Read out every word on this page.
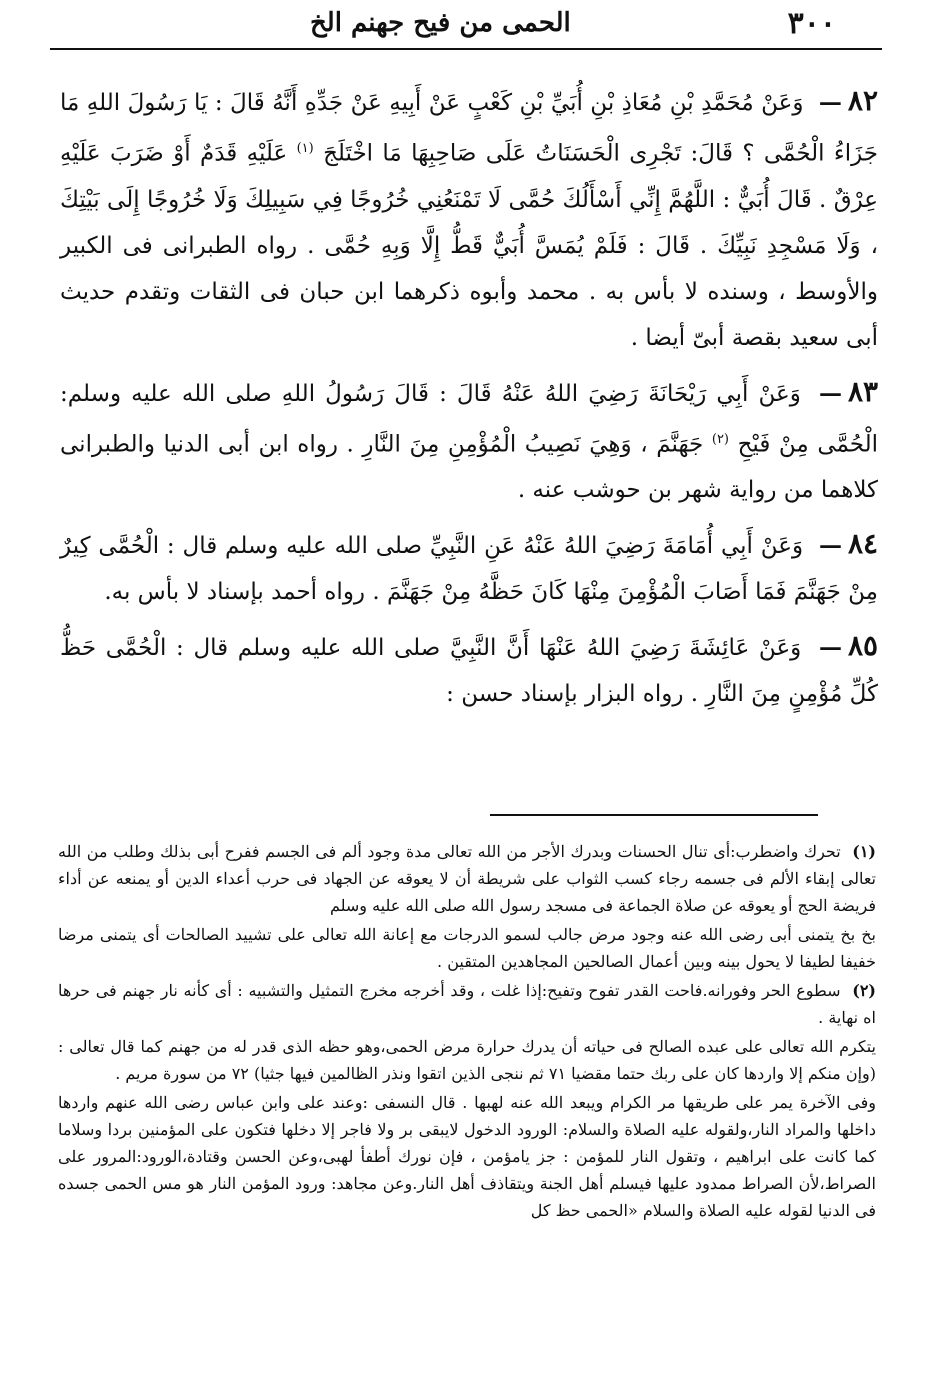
٣٠٠
الحمى من فيح جهنم الخ

٨٢— وَعَنْ مُحَمَّدِ بْنِ مُعَاذِ بْنِ أُبَيِّ بْنِ كَعْبٍ عَنْ أَبِيهِ عَنْ جَدِّهِ أَنَّهُ قَالَ : يَا رَسُولَ اللهِ مَا جَزَاءُ الْحُمَّى ؟ قَالَ: تَجْرِى الْحَسَنَاتُ عَلَى صَاحِبِهَا مَا اخْتَلَجَ $^{(١)}$ عَلَيْهِ قَدَمٌ أَوْ ضَرَبَ عَلَيْهِ عِرْقٌ . قَالَ أُبَيٌّ : اللَّهُمَّ إِنِّي أَسْأَلُكَ حُمَّى لَا تَمْنَعُنِي خُرُوجًا فِي سَبِيلِكَ وَلَا خُرُوجًا إِلَى بَيْتِكَ ، وَلَا مَسْجِدِ نَبِيِّكَ . قَالَ : فَلَمْ يُمَسَّ أُبَيٌّ قَطُّ إِلَّا وَبِهِ حُمَّى . رواه الطبرانى فى الكبير والأوسط ، وسنده لا بأس به . محمد وأبوه ذكرهما ابن حبان فى الثقات وتقدم حديث أبى سعيد بقصة أبىّ أيضا .

٨٣— وَعَنْ أَبِي رَيْحَانَةَ رَضِيَ اللهُ عَنْهُ قَالَ : قَالَ رَسُولُ اللهِ صلى الله عليه وسلم: الْحُمَّى مِنْ فَيْحِ $^{(٢)}$ جَهَنَّمَ ، وَهِيَ نَصِيبُ الْمُؤْمِنِ مِنَ النَّارِ . رواه ابن أبى الدنيا والطبرانى كلاهما من رواية شهر بن حوشب عنه .

٨٤— وَعَنْ أَبِي أُمَامَةَ رَضِيَ اللهُ عَنْهُ عَنِ النَّبِيِّ صلى الله عليه وسلم قال : الْحُمَّى كِيرٌ مِنْ جَهَنَّمَ فَمَا أَصَابَ الْمُؤْمِنَ مِنْهَا كَانَ حَظَّهُ مِنْ جَهَنَّمَ . رواه أحمد بإسناد لا بأس به.

٨٥— وَعَنْ عَائِشَةَ رَضِيَ اللهُ عَنْهَا أَنَّ النَّبِيَّ صلى الله عليه وسلم قال : الْحُمَّى حَظُّ كُلِّ مُؤْمِنٍ مِنَ النَّارِ . رواه البزار بإسناد حسن :

(١) تحرك واضطرب:أى تنال الحسنات وبدرك الأجر من الله تعالى مدة وجود ألم فى الجسم ففرح أبى بذلك وطلب من الله تعالى إبقاء الألم فى جسمه رجاء كسب الثواب على شريطة أن لا يعوقه عن الجهاد فى حرب أعداء الدين أو يمنعه عن أداء فريضة الحج أو يعوقه عن صلاة الجماعة فى مسجد رسول الله صلى الله عليه وسلم

بخ بخ يتمنى أبى رضى الله عنه وجود مرض جالب لسمو الدرجات مع إعانة الله تعالى على تشييد الصالحات أى يتمنى مرضا خفيفا لطيفا لا يحول بينه وبين أعمال الصالحين المجاهدين المتقين .

(٢) سطوع الحر وفورانه.فاحت القدر تفوح وتفيح:إذا غلت ، وقد أخرجه مخرج التمثيل والتشبيه : أى كأنه نار جهنم فى حرها اه نهاية .

يتكرم الله تعالى على عبده الصالح فى حياته أن يدرك حرارة مرض الحمى،وهو حظه الذى قدر له من جهنم كما قال تعالى : (وإن منكم إلا واردها كان على ربك حتما مقضيا ٧١ ثم ننجى الذين اتقوا ونذر الظالمين فيها جثيا) ٧٢ من سورة مريم .

وفى الآخرة يمر على طريقها مر الكرام ويبعد الله عنه لهبها . قال النسفى :وعند على وابن عباس رضى الله عنهم واردها داخلها والمراد النار،ولقوله عليه الصلاة والسلام: الورود الدخول لايبقى بر ولا فاجر إلا دخلها فتكون على المؤمنين بردا وسلاما كما كانت على ابراهيم ، وتقول النار للمؤمن : جز يامؤمن ، فإن نورك أطفأ لهبى،وعن الحسن وقتادة،الورود:المرور على الصراط،لأن الصراط ممدود عليها فيسلم أهل الجنة ويتقاذف أهل النار.وعن مجاهد: ورود المؤمن النار هو مس الحمى جسده فى الدنيا لقوله عليه الصلاة والسلام «الحمى حظ كل
